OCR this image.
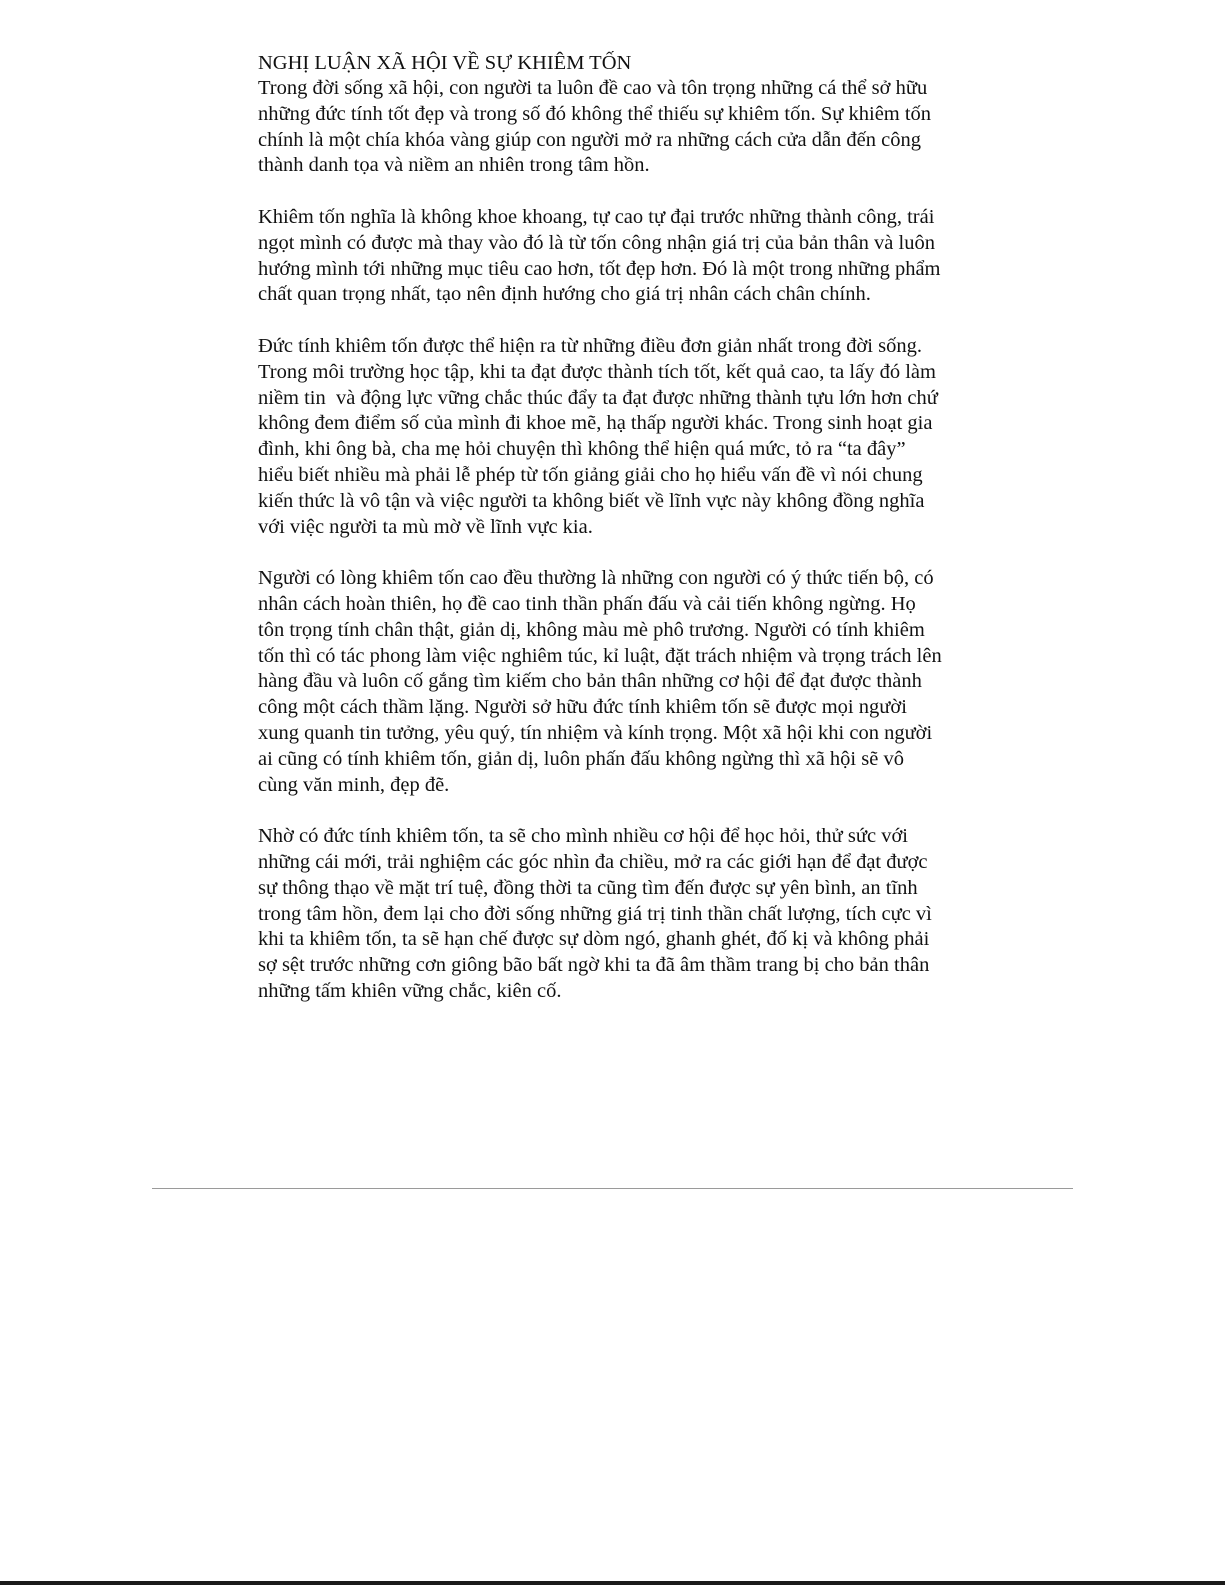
NGHỊ LUẬN XÃ HỘI VỀ SỰ KHIÊM TỐN

Trong đời sống xã hội, con người ta luôn đề cao và tôn trọng những cá thể sở hữu
những đức tính tốt đẹp và trong số đó không thể thiếu sự khiêm tốn. Sự khiêm tốn
chính là một chía khóa vàng giúp con người mở ra những cách cửa dẫn đến công
thành danh tọa và niềm an nhiên trong tâm hồn.

Khiêm tốn nghĩa là không khoe khoang, tự cao tự đại trước những thành công, trái
ngọt mình có được mà thay vào đó là từ tốn công nhận giá trị của bản thân và luôn
hướng mình tới những mục tiêu cao hơn, tốt đẹp hơn. Đó là một trong những phẩm
chất quan trọng nhất, tạo nên định hướng cho giá trị nhân cách chân chính.

Đức tính khiêm tốn được thể hiện ra từ những điều đơn giản nhất trong đời sống.
Trong môi trường học tập, khi ta đạt được thành tích tốt, kết quả cao, ta lấy đó làm
niềm tin  và động lực vững chắc thúc đẩy ta đạt được những thành tựu lớn hơn chứ
không đem điểm số của mình đi khoe mẽ, hạ thấp người khác. Trong sinh hoạt gia
đình, khi ông bà, cha mẹ hỏi chuyện thì không thể hiện quá mức, tỏ ra “ta đây”
hiểu biết nhiều mà phải lễ phép từ tốn giảng giải cho họ hiểu vấn đề vì nói chung
kiến thức là vô tận và việc người ta không biết về lĩnh vực này không đồng nghĩa
với việc người ta mù mờ về lĩnh vực kia.

Người có lòng khiêm tốn cao đều thường là những con người có ý thức tiến bộ, có
nhân cách hoàn thiên, họ đề cao tinh thần phấn đấu và cải tiến không ngừng. Họ
tôn trọng tính chân thật, giản dị, không màu mè phô trương. Người có tính khiêm
tốn thì có tác phong làm việc nghiêm túc, kỉ luật, đặt trách nhiệm và trọng trách lên
hàng đầu và luôn cố gắng tìm kiếm cho bản thân những cơ hội để đạt được thành
công một cách thầm lặng. Người sở hữu đức tính khiêm tốn sẽ được mọi người
xung quanh tin tưởng, yêu quý, tín nhiệm và kính trọng. Một xã hội khi con người
ai cũng có tính khiêm tốn, giản dị, luôn phấn đấu không ngừng thì xã hội sẽ vô
cùng văn minh, đẹp đẽ.

Nhờ có đức tính khiêm tốn, ta sẽ cho mình nhiều cơ hội để học hỏi, thử sức với
những cái mới, trải nghiệm các góc nhìn đa chiều, mở ra các giới hạn để đạt được
sự thông thạo về mặt trí tuệ, đồng thời ta cũng tìm đến được sự yên bình, an tĩnh
trong tâm hồn, đem lại cho đời sống những giá trị tinh thần chất lượng, tích cực vì
khi ta khiêm tốn, ta sẽ hạn chế được sự dòm ngó, ghanh ghét, đố kị và không phải
sợ sệt trước những cơn giông bão bất ngờ khi ta đã âm thầm trang bị cho bản thân
những tấm khiên vững chắc, kiên cố.
